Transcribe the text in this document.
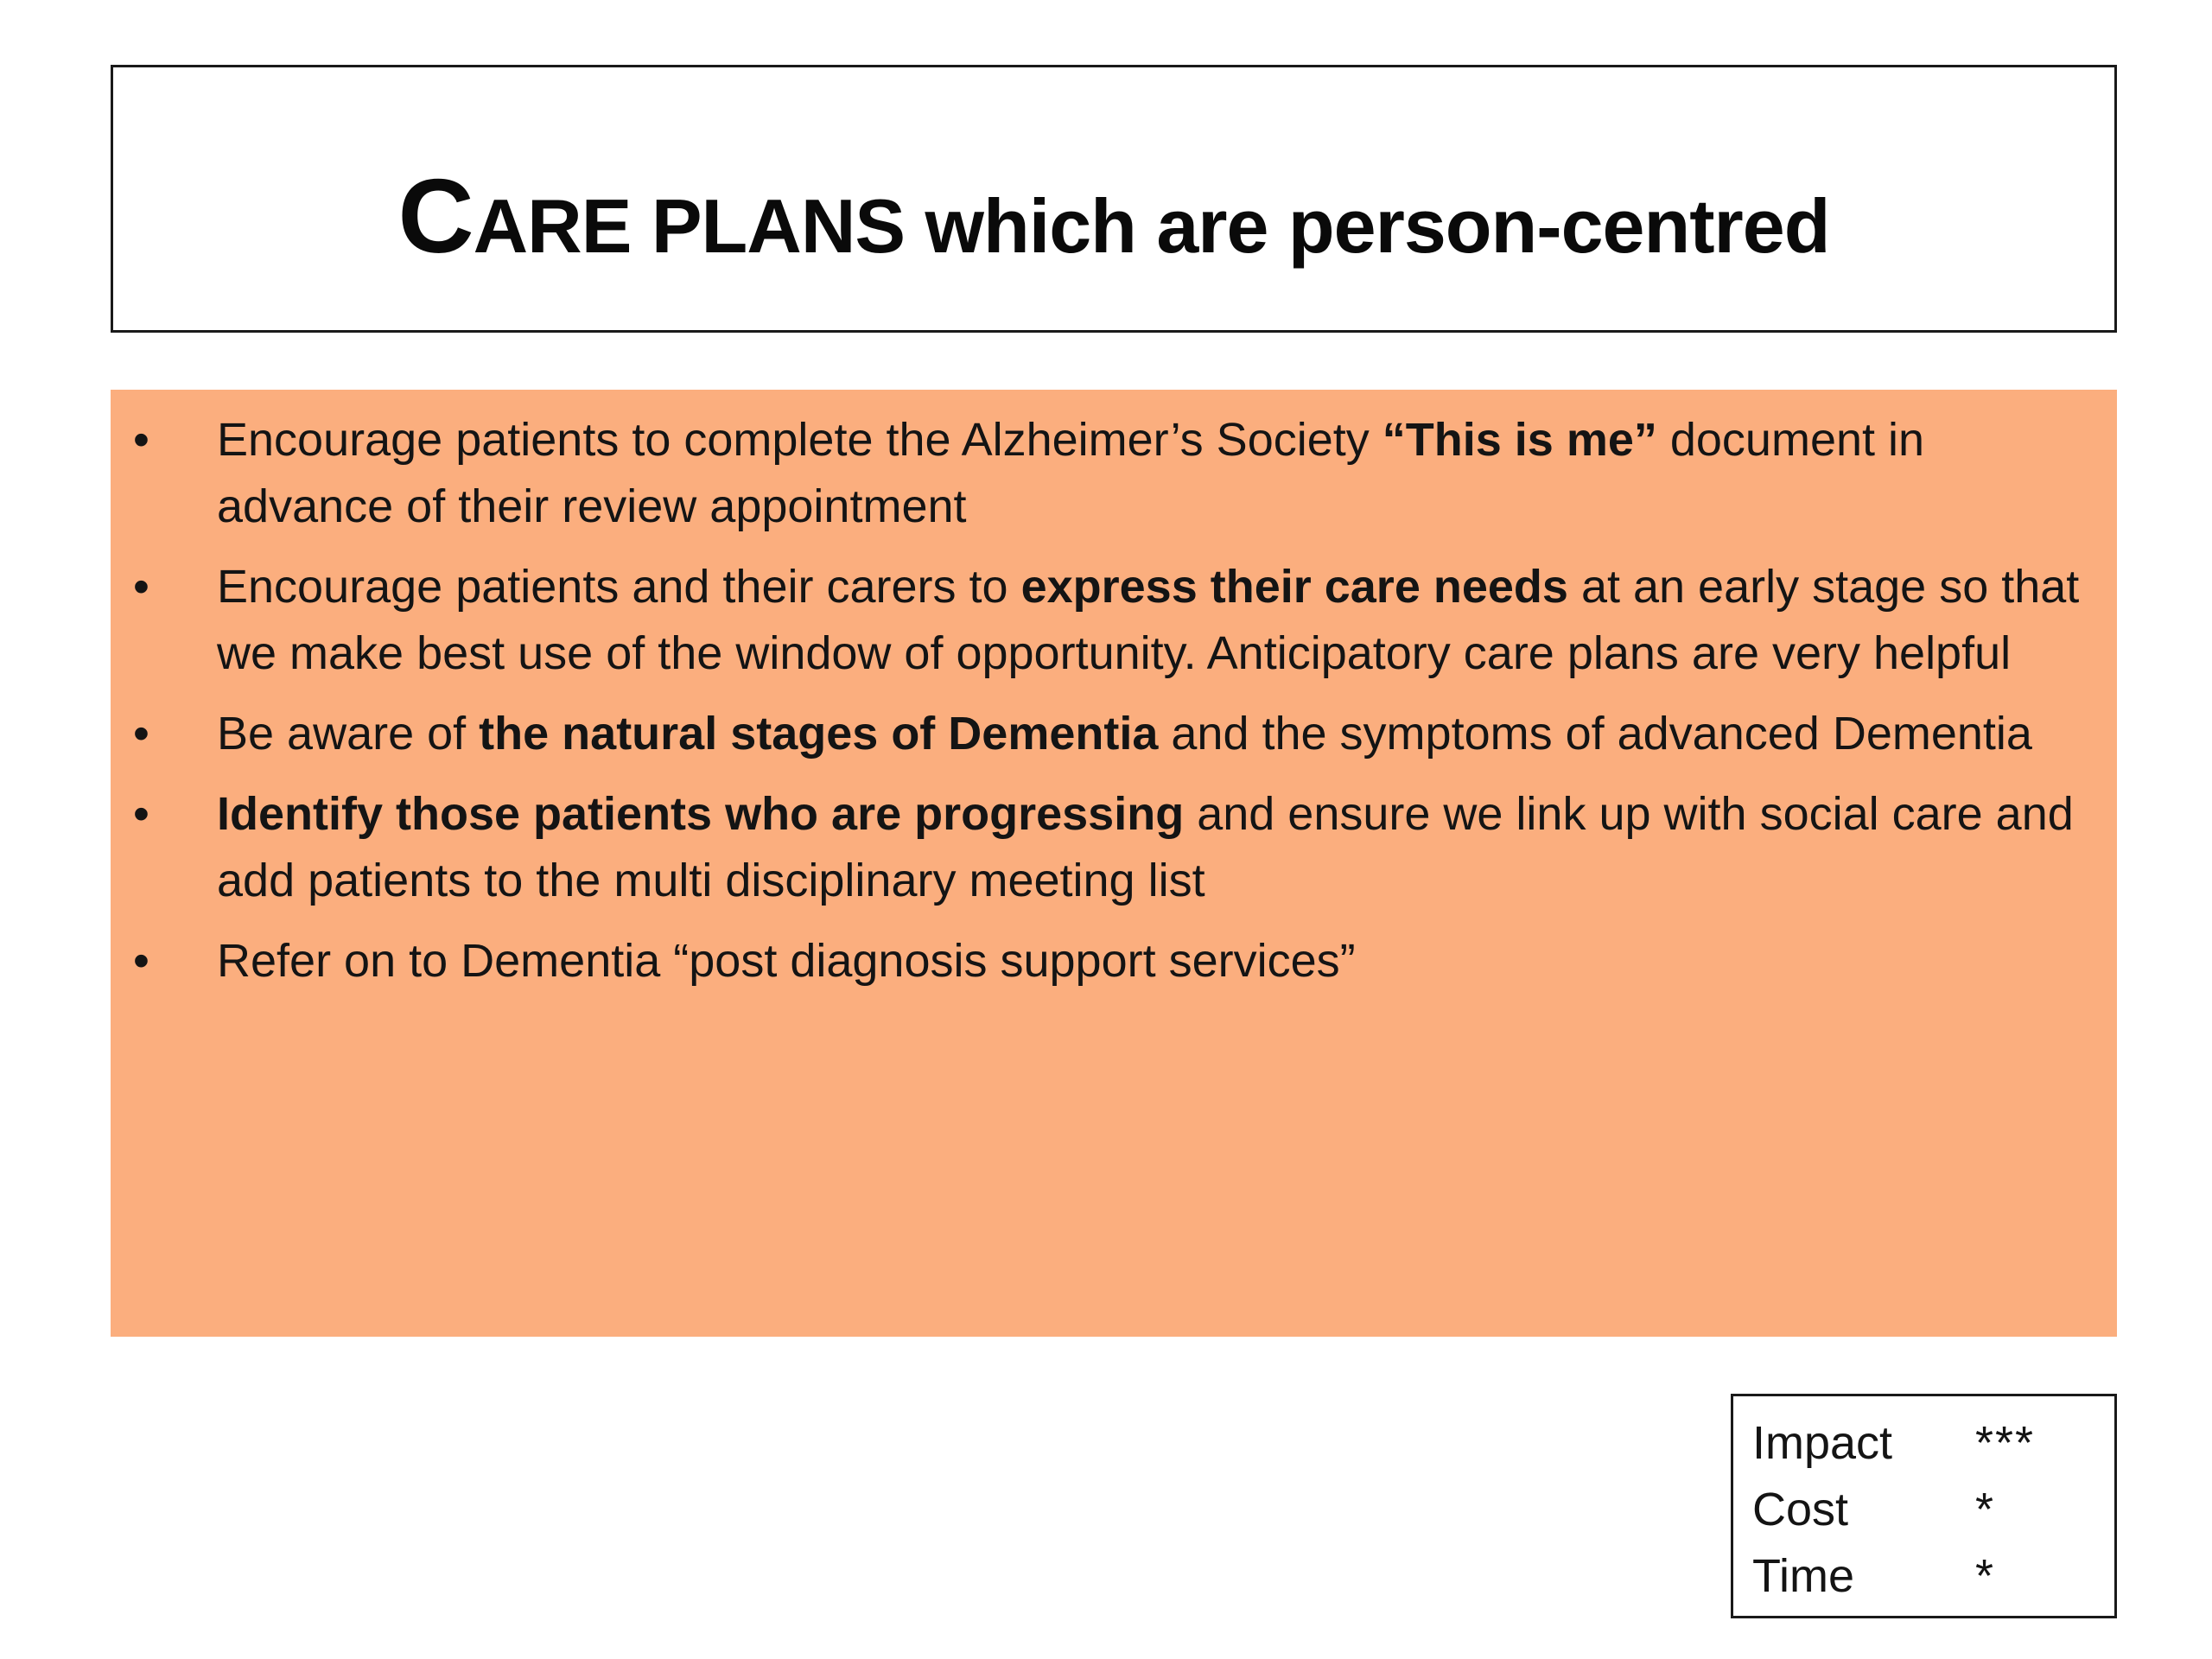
CARE PLANS which are person-centred
• Encourage patients to complete the Alzheimer’s Society “This is me” document in advance of their review appointment
• Encourage patients and their carers to express their care needs at an early stage so that we make best use of the window of opportunity. Anticipatory care plans are very helpful
• Be aware of the natural stages of Dementia and the symptoms of advanced Dementia
• Identify those patients who are progressing and ensure we link up with social care and add patients to the multi disciplinary meeting list
• Refer on to Dementia “post diagnosis support services”
Impact	***
Cost	*
Time	*
